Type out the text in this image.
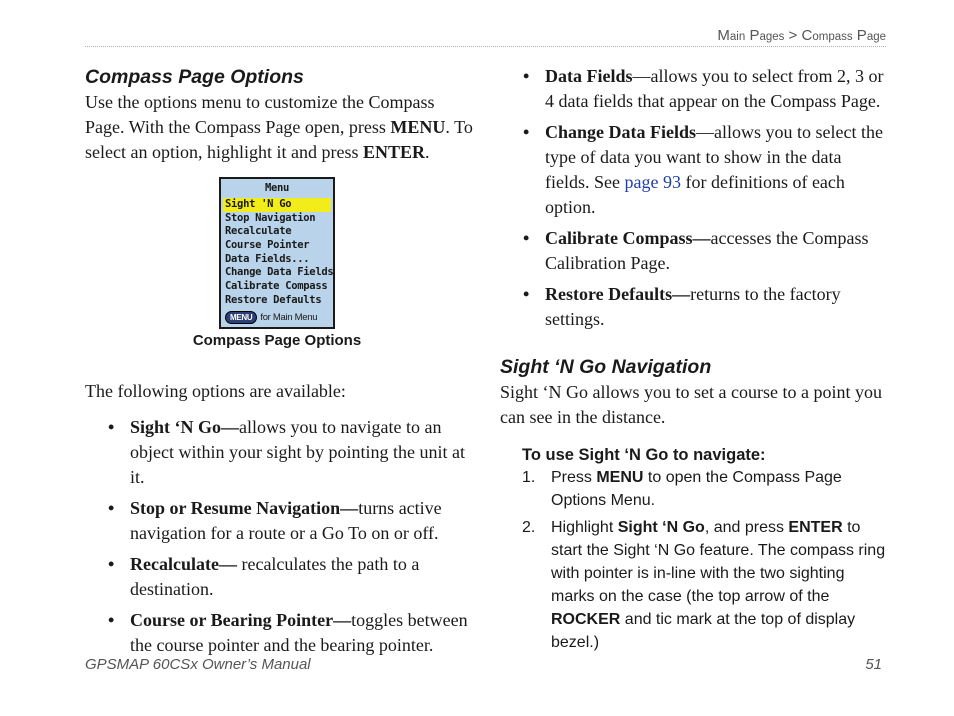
Main Pages > Compass Page
Compass Page Options

Use the options menu to customize the Compass Page. With the Compass Page open, press MENU. To select an option, highlight it and press ENTER.

Menu
Sight 'N Go
Stop Navigation
Recalculate
Course Pointer
Data Fields...
Change Data Fields
Calibrate Compass
Restore Defaults
MENU for Main Menu
Compass Page Options

The following options are available:

• Sight ‘N Go—allows you to navigate to an object within your sight by pointing the unit at it.
• Stop or Resume Navigation—turns active navigation for a route or a Go To on or off.
• Recalculate— recalculates the path to a destination.
• Course or Bearing Pointer—toggles between the course pointer and the bearing pointer.
• Data Fields—allows you to select from 2, 3 or 4 data fields that appear on the Compass Page.
• Change Data Fields—allows you to select the type of data you want to show in the data fields. See page 93 for definitions of each option.
• Calibrate Compass—accesses the Compass Calibration Page.
• Restore Defaults—returns to the factory settings.
Sight ‘N Go Navigation

Sight ‘N Go allows you to set a course to a point you can see in the distance.

To use Sight ‘N Go to navigate:
1. Press MENU to open the Compass Page Options Menu.
2. Highlight Sight ‘N Go, and press ENTER to start the Sight ‘N Go feature. The compass ring with pointer is in-line with the two sighting marks on the case (the top arrow of the ROCKER and tic mark at the top of display bezel.)
GPSMAP 60CSx Owner’s Manual	51
